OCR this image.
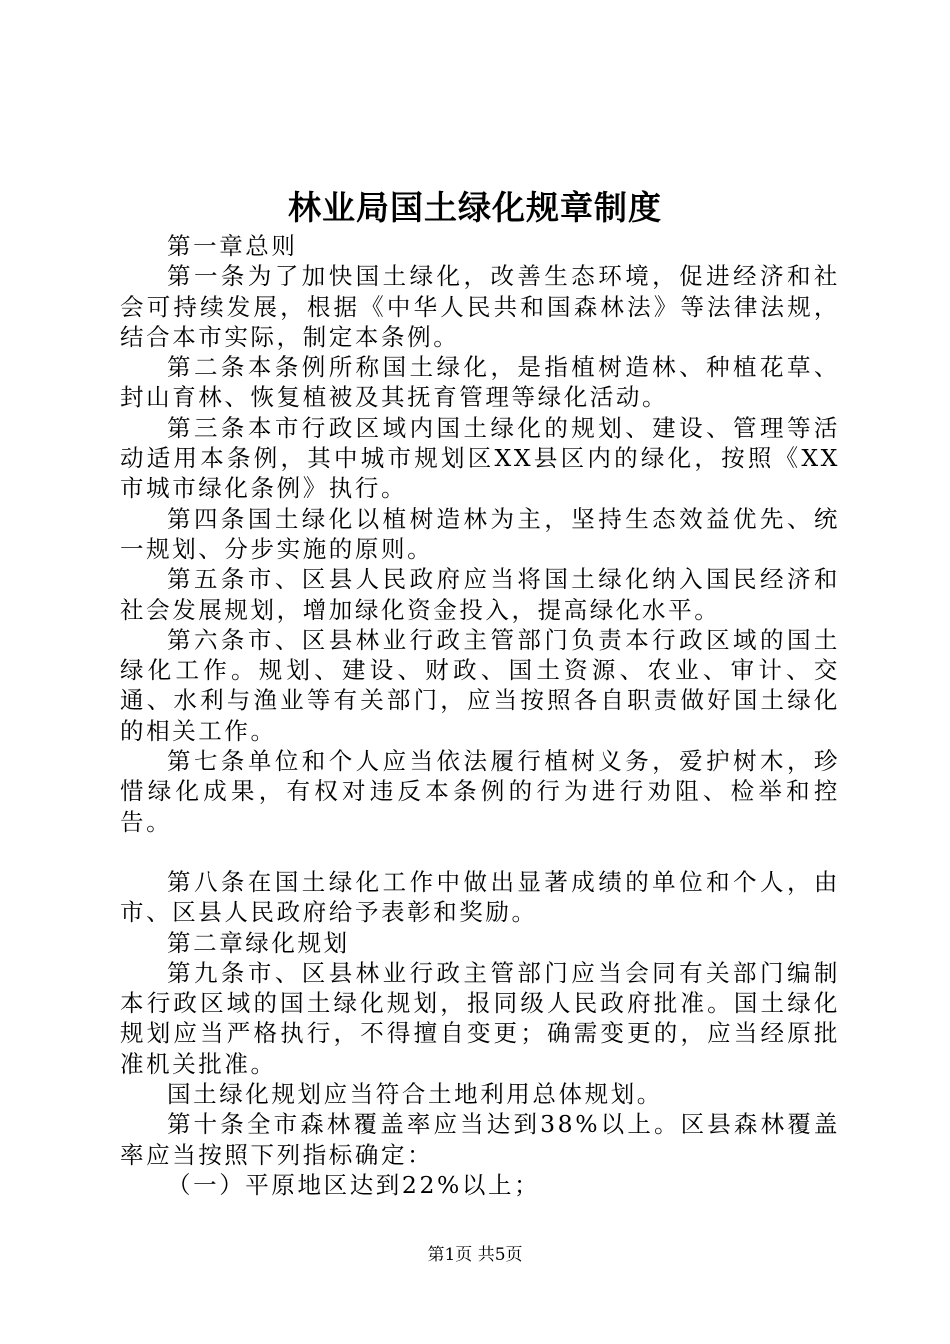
林业局国土绿化规章制度

第一章总则

第一条为了加快国土绿化，改善生态环境，促进经济和社会可持续发展，根据《中华人民共和国森林法》等法律法规，结合本市实际，制定本条例。

第二条本条例所称国土绿化，是指植树造林、种植花草、封山育林、恢复植被及其抚育管理等绿化活动。

第三条本市行政区域内国土绿化的规划、建设、管理等活动适用本条例，其中城市规划区XX县区内的绿化，按照《XX市城市绿化条例》执行。

第四条国土绿化以植树造林为主，坚持生态效益优先、统一规划、分步实施的原则。

第五条市、区县人民政府应当将国土绿化纳入国民经济和社会发展规划，增加绿化资金投入，提高绿化水平。

第六条市、区县林业行政主管部门负责本行政区域的国土绿化工作。规划、建设、财政、国土资源、农业、审计、交通、水利与渔业等有关部门，应当按照各自职责做好国土绿化的相关工作。

第七条单位和个人应当依法履行植树义务，爱护树木，珍惜绿化成果，有权对违反本条例的行为进行劝阻、检举和控告。

第八条在国土绿化工作中做出显著成绩的单位和个人，由市、区县人民政府给予表彰和奖励。

第二章绿化规划

第九条市、区县林业行政主管部门应当会同有关部门编制本行政区域的国土绿化规划，报同级人民政府批准。国土绿化规划应当严格执行，不得擅自变更；确需变更的，应当经原批准机关批准。

国土绿化规划应当符合土地利用总体规划。

第十条全市森林覆盖率应当达到38%以上。区县森林覆盖率应当按照下列指标确定：

（一）平原地区达到22%以上；

第1页 共5页
